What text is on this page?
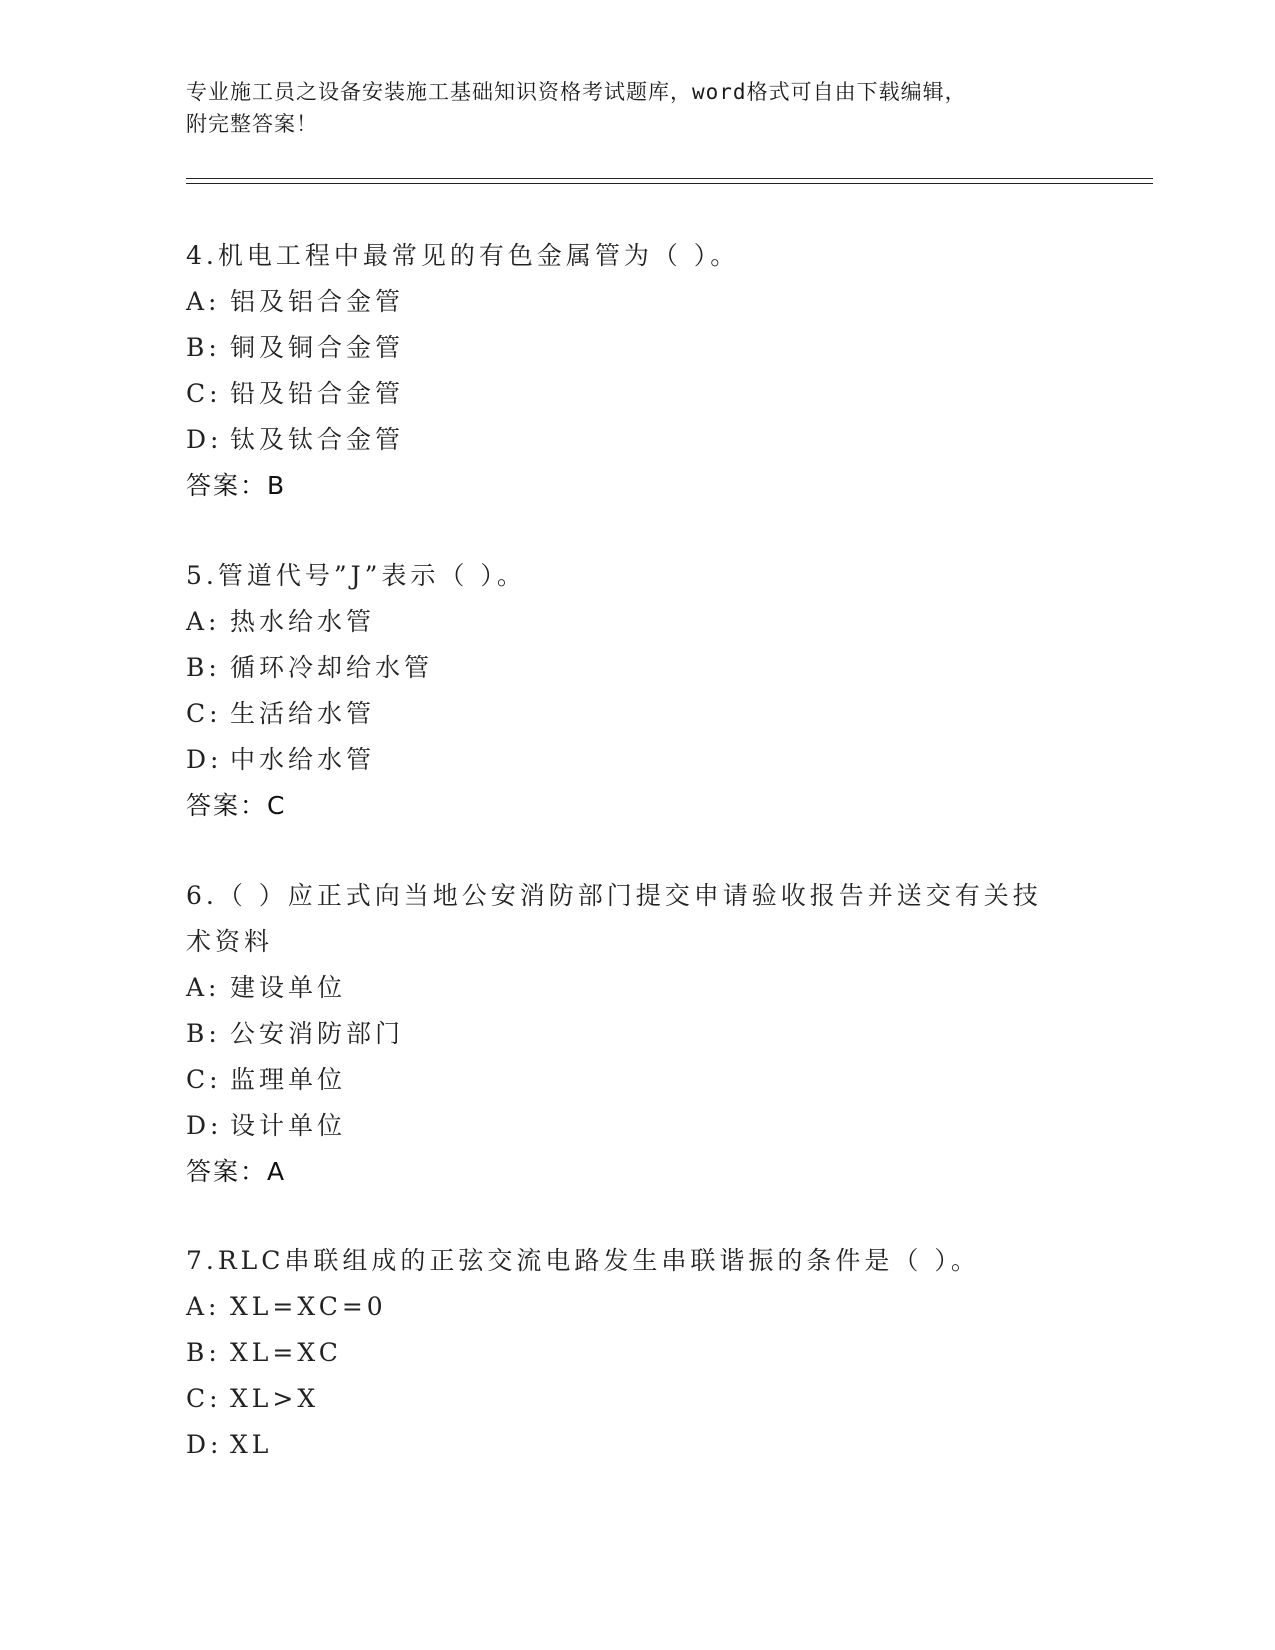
专业施工员之设备安装施工基础知识资格考试题库，word格式可自由下载编辑，
附完整答案！
4.机电工程中最常见的有色金属管为（ ）。
A: 铝及铝合金管
B: 铜及铜合金管
C: 铅及铅合金管
D: 钛及钛合金管
答案：B
5.管道代号”J”表示（ ）。
A: 热水给水管
B: 循环冷却给水管
C: 生活给水管
D: 中水给水管
答案：C
6.（ ）应正式向当地公安消防部门提交申请验收报告并送交有关技术资料
A: 建设单位
B: 公安消防部门
C: 监理单位
D: 设计单位
答案：A
7.RLC串联组成的正弦交流电路发生串联谐振的条件是（ ）。
A: XL=XC=0
B: XL=XC
C: XL>X
D: XL
